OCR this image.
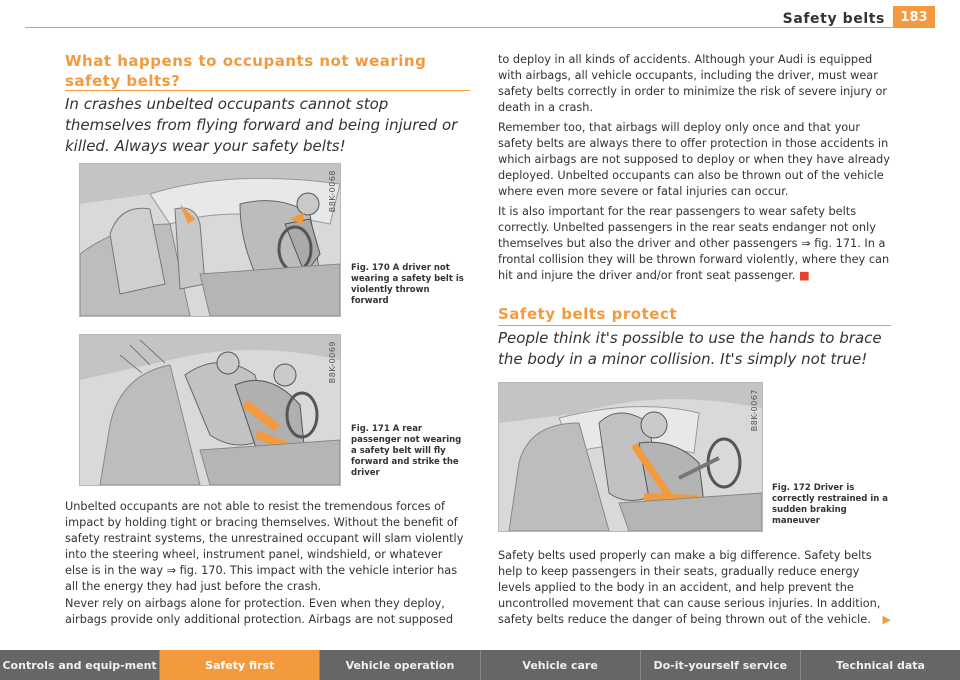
Safety belts	183
What happens to occupants not wearing safety belts?

In crashes unbelted occupants cannot stop themselves from flying forward and being injured or killed. Always wear your safety belts!

B8K-0068
Fig. 170 A driver not wearing a safety belt is violently thrown forward
B8K-0069
Fig. 171 A rear passenger not wearing a safety belt will fly forward and strike the driver

Unbelted occupants are not able to resist the tremendous forces of impact by holding tight or bracing themselves. Without the benefit of safety restraint systems, the unrestrained occupant will slam violently into the steering wheel, instrument panel, windshield, or whatever else is in the way ⇒ fig. 170. This impact with the vehicle interior has all the energy they had just before the crash.

Never rely on airbags alone for protection. Even when they deploy, airbags provide only additional protection. Airbags are not supposed

to deploy in all kinds of accidents. Although your Audi is equipped with airbags, all vehicle occupants, including the driver, must wear safety belts correctly in order to minimize the risk of severe injury or death in a crash.

Remember too, that airbags will deploy only once and that your safety belts are always there to offer protection in those accidents in which airbags are not supposed to deploy or when they have already deployed. Unbelted occupants can also be thrown out of the vehicle where even more severe or fatal injuries can occur.

It is also important for the rear passengers to wear safety belts correctly. Unbelted passengers in the rear seats endanger not only themselves but also the driver and other passengers ⇒ fig. 171. In a frontal collision they will be thrown forward violently, where they can hit and injure the driver and/or front seat passenger. ■

Safety belts protect

People think it's possible to use the hands to brace the body in a minor collision. It's simply not true!

B8K-0067
Fig. 172 Driver is correctly restrained in a sudden braking maneuver

Safety belts used properly can make a big difference. Safety belts help to keep passengers in their seats, gradually reduce energy levels applied to the body in an accident, and help prevent the uncontrolled movement that can cause serious injuries. In addition, safety belts reduce the danger of being thrown out of the vehicle. ▶

Controls and equip-ment	Safety first	Vehicle operation	Vehicle care	Do-it-yourself service	Technical data
